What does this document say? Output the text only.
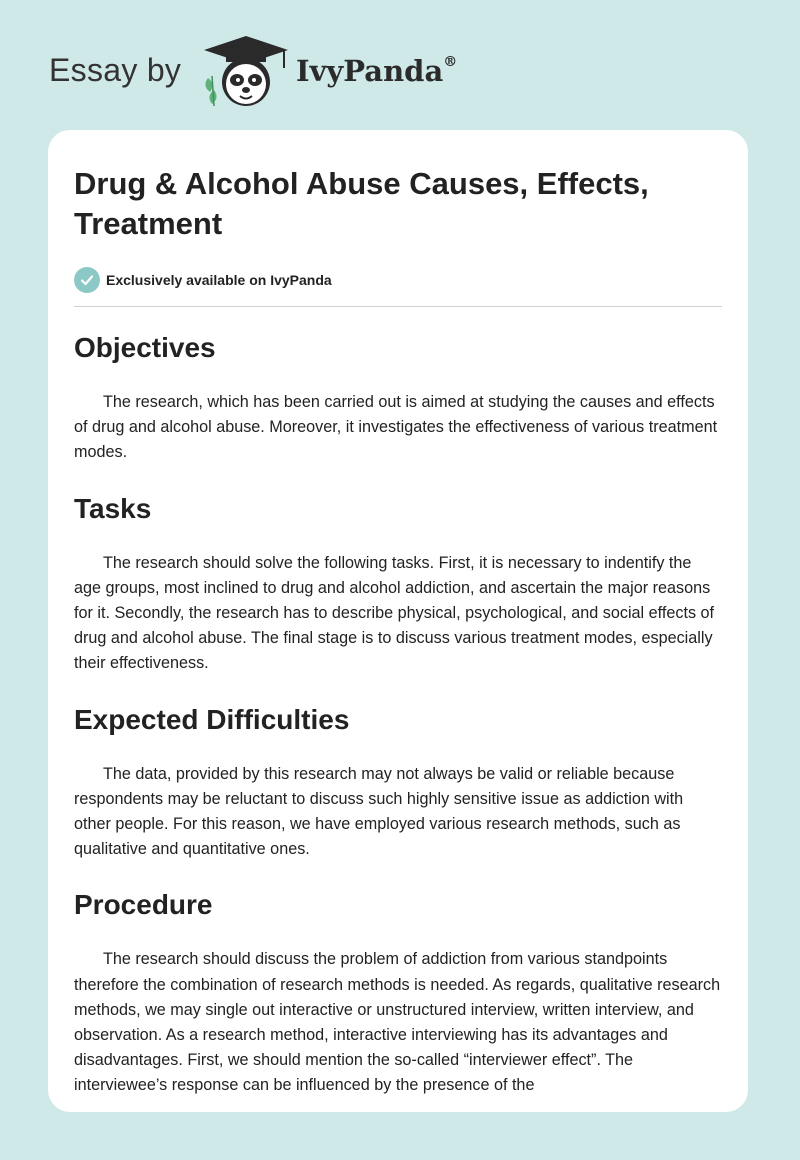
Essay by	IvyPanda®
Drug & Alcohol Abuse Causes, Effects, Treatment
Exclusively available on IvyPanda
Objectives

The research, which has been carried out is aimed at studying the causes and effects of drug and alcohol abuse. Moreover, it investigates the effectiveness of various treatment modes.

Tasks

The research should solve the following tasks. First, it is necessary to indentify the age groups, most inclined to drug and alcohol addiction, and ascertain the major reasons for it. Secondly, the research has to describe physical, psychological, and social effects of drug and alcohol abuse. The final stage is to discuss various treatment modes, especially their effectiveness.

Expected Difficulties

The data, provided by this research may not always be valid or reliable because respondents may be reluctant to discuss such highly sensitive issue as addiction with other people. For this reason, we have employed various research methods, such as qualitative and quantitative ones.

Procedure

The research should discuss the problem of addiction from various standpoints therefore the combination of research methods is needed. As regards, qualitative research methods, we may single out interactive or unstructured interview, written interview, and observation. As a research method, interactive interviewing has its advantages and disadvantages. First, we should mention the so-called “interviewer effect”. The interviewee’s response can be influenced by the presence of the
